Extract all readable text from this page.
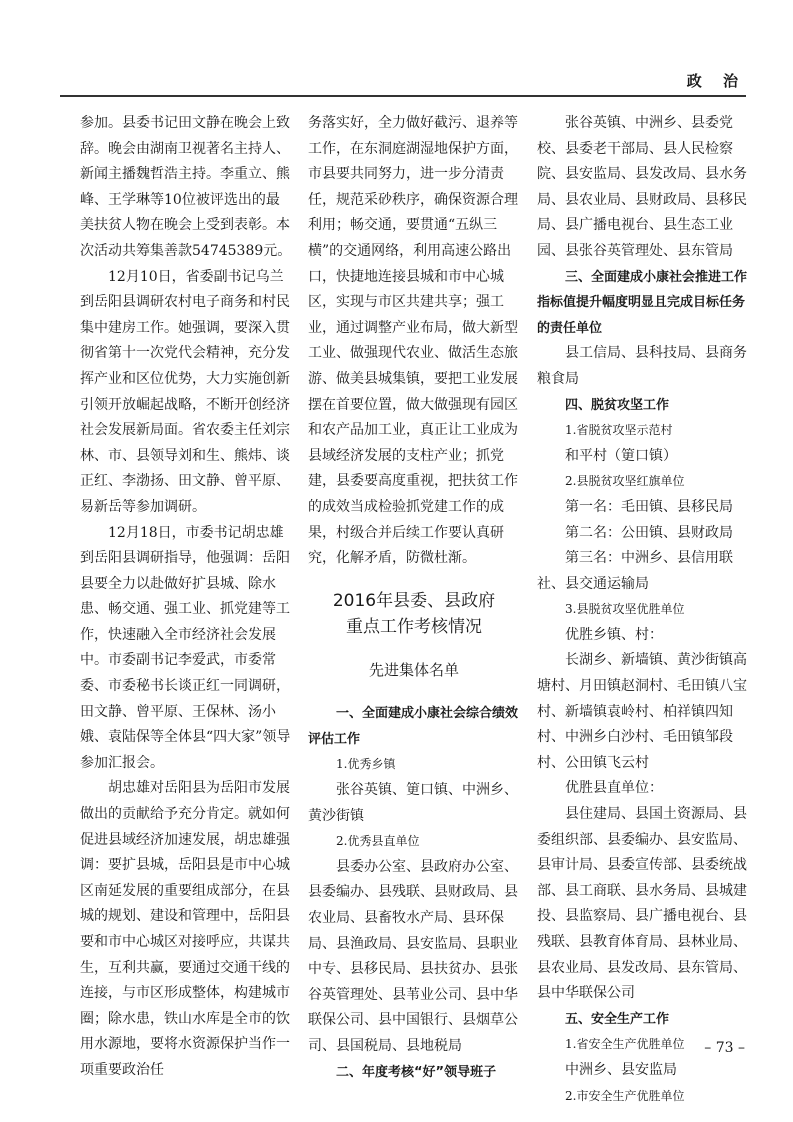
政 治

参加。县委书记田文静在晚会上致辞。晚会由湖南卫视著名主持人、新闻主播魏哲浩主持。李重立、熊峰、王学琳等10位被评选出的最美扶贫人物在晚会上受到表彰。本次活动共筹集善款54745389元。

12月10日，省委副书记乌兰到岳阳县调研农村电子商务和村民集中建房工作。她强调，要深入贯彻省第十一次党代会精神，充分发挥产业和区位优势，大力实施创新引领开放崛起战略，不断开创经济社会发展新局面。省农委主任刘宗林、市、县领导刘和生、熊炜、谈正红、李渤扬、田文静、曾平原、易新岳等参加调研。

12月18日，市委书记胡忠雄到岳阳县调研指导，他强调：岳阳县要全力以赴做好扩县城、除水患、畅交通、强工业、抓党建等工作，快速融入全市经济社会发展中。市委副书记李爱武，市委常委、市委秘书长谈正红一同调研，田文静、曾平原、王保林、汤小娥、袁陆保等全体县“四大家”领导参加汇报会。

胡忠雄对岳阳县为岳阳市发展做出的贡献给予充分肯定。就如何促进县域经济加速发展，胡忠雄强调：要扩县城，岳阳县是市中心城区南延发展的重要组成部分，在县城的规划、建设和管理中，岳阳县要和市中心城区对接呼应，共谋共生，互利共赢，要通过交通干线的连接，与市区形成整体，构建城市圈；除水患，铁山水库是全市的饮用水源地，要将水资源保护当作一项重要政治任

务落实好，全力做好截污、退养等工作，在东洞庭湖湿地保护方面，市县要共同努力，进一步分清责任，规范采砂秩序，确保资源合理利用；畅交通，要贯通“五纵三横”的交通网络，利用高速公路出口，快捷地连接县城和市中心城区，实现与市区共建共享；强工业，通过调整产业布局，做大新型工业、做强现代农业、做活生态旅游、做美县城集镇，要把工业发展摆在首要位置，做大做强现有园区和农产品加工业，真正让工业成为县域经济发展的支柱产业；抓党建，县委要高度重视，把扶贫工作的成效当成检验抓党建工作的成果，村级合并后续工作要认真研究，化解矛盾，防微杜渐。

2016年县委、县政府

重点工作考核情况

先进集体名单

一、全面建成小康社会综合绩效评估工作

1.优秀乡镇

张谷英镇、筻口镇、中洲乡、黄沙街镇

2.优秀县直单位

县委办公室、县政府办公室、县委编办、县残联、县财政局、县农业局、县畜牧水产局、县环保局、县渔政局、县安监局、县职业中专、县移民局、县扶贫办、县张谷英管理处、县苇业公司、县中华联保公司、县中国银行、县烟草公司、县国税局、县地税局

二、年度考核“好”领导班子

张谷英镇、中洲乡、县委党校、县委老干部局、县人民检察院、县安监局、县发改局、县水务局、县农业局、县财政局、县移民局、县广播电视台、县生态工业园、县张谷英管理处、县东管局

三、全面建成小康社会推进工作指标值提升幅度明显且完成目标任务的责任单位

县工信局、县科技局、县商务粮食局

四、脱贫攻坚工作

1.省脱贫攻坚示范村

和平村（筻口镇）

2.县脱贫攻坚红旗单位

第一名：毛田镇、县移民局

第二名：公田镇、县财政局

第三名：中洲乡、县信用联社、县交通运输局

3.县脱贫攻坚优胜单位

优胜乡镇、村：

长湖乡、新墙镇、黄沙街镇高塘村、月田镇赵洞村、毛田镇八宝村、新墙镇袁岭村、柏祥镇四知村、中洲乡白沙村、毛田镇邹段村、公田镇飞云村

优胜县直单位：

县住建局、县国土资源局、县委组织部、县委编办、县安监局、县审计局、县委宣传部、县委统战部、县工商联、县水务局、县城建投、县监察局、县广播电视台、县残联、县教育体育局、县林业局、县农业局、县发改局、县东管局、县中华联保公司

五、安全生产工作

1.省安全生产优胜单位

中洲乡、县安监局

2.市安全生产优胜单位

– 73 –
